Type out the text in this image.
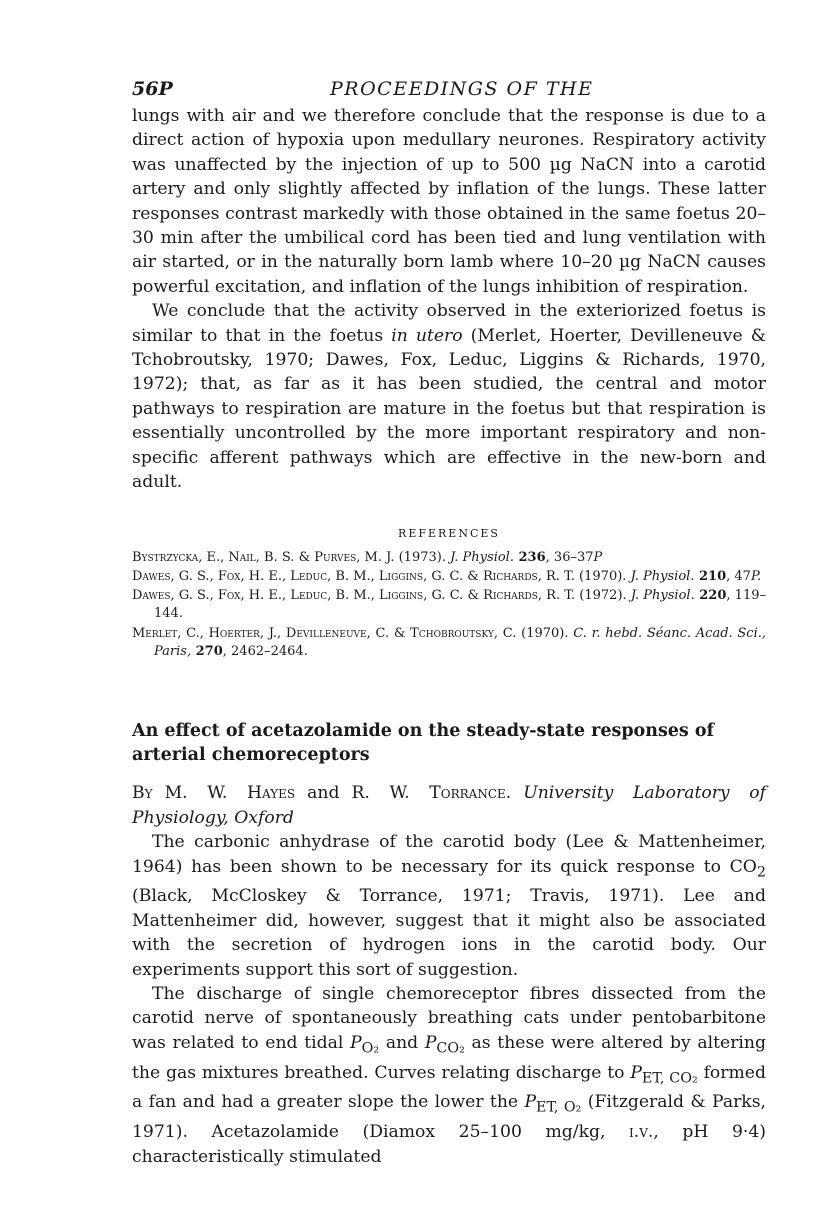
56P	PROCEEDINGS OF THE

lungs with air and we therefore conclude that the response is due to a direct action of hypoxia upon medullary neurones. Respiratory activity was unaffected by the injection of up to 500 µg NaCN into a carotid artery and only slightly affected by inflation of the lungs. These latter responses contrast markedly with those obtained in the same foetus 20–30 min after the umbilical cord has been tied and lung ventilation with air started, or in the naturally born lamb where 10–20 µg NaCN causes powerful excitation, and inflation of the lungs inhibition of respiration.

We conclude that the activity observed in the exteriorized foetus is similar to that in the foetus in utero (Merlet, Hoerter, Devilleneuve & Tchobroutsky, 1970; Dawes, Fox, Leduc, Liggins & Richards, 1970, 1972); that, as far as it has been studied, the central and motor pathways to respiration are mature in the foetus but that respiration is essentially uncontrolled by the more important respiratory and non-specific afferent pathways which are effective in the new-born and adult.

REFERENCES
Bystrzycka, E., Nail, B. S. & Purves, M. J. (1973). J. Physiol. 236, 36–37P
Dawes, G. S., Fox, H. E., Leduc, B. M., Liggins, G. C. & Richards, R. T. (1970). J. Physiol. 210, 47P.
Dawes, G. S., Fox, H. E., Leduc, B. M., Liggins, G. C. & Richards, R. T. (1972). J. Physiol. 220, 119–144.
Merlet, C., Hoerter, J., Devilleneuve, C. & Tchobroutsky, C. (1970). C. r. hebd. Séanc. Acad. Sci., Paris, 270, 2462–2464.
An effect of acetazolamide on the steady-state responses of arterial chemoreceptors
By M. W. Hayes and R. W. Torrance. University Laboratory of Physiology, Oxford

The carbonic anhydrase of the carotid body (Lee & Mattenheimer, 1964) has been shown to be necessary for its quick response to $CO_2$ (Black, McCloskey & Torrance, 1971; Travis, 1971). Lee and Mattenheimer did, however, suggest that it might also be associated with the secretion of hydrogen ions in the carotid body. Our experiments support this sort of suggestion.

The discharge of single chemoreceptor fibres dissected from the carotid nerve of spontaneously breathing cats under pentobarbitone was related to end tidal $P_{O_2}$ and $P_{CO_2}$ as these were altered by altering the gas mixtures breathed. Curves relating discharge to $P_{ET, CO_2}$ formed a fan and had a greater slope the lower the $P_{ET, O_2}$ (Fitzgerald & Parks, 1971). Acetazolamide (Diamox 25–100 mg/kg, i.v., pH 9·4) characteristically stimulated
